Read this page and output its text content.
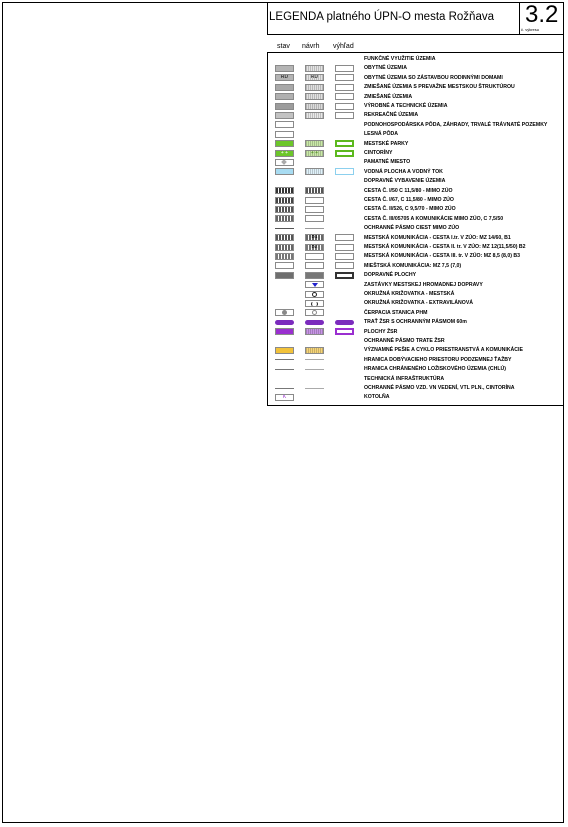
LEGENDA platného ÚPN-O mesta Rožňava 3.2
č. výkresu
stav návrh výhľad
FUNKČNÉ VYUŽITIE ÚZEMIA
OBYTNÉ ÚZEMIA
RD	RD	OBYTNÉ ÚZEMIA SO ZÁSTAVBOU RODINNÝMI DOMAMI
ZMIEŠANÉ ÚZEMIA S PREVAŽNE MESTSKOU ŠTRUKTÚROU
ZMIEŠANÉ ÚZEMIA
VÝROBNÉ A TECHNICKÉ ÚZEMIA
REKREAČNÉ ÚZEMIA
PODNOHOSPODÁRSKA PÔDA, ZÁHRADY, TRVALÉ TRÁVNATÉ POZEMKY
LESNÁ PÔDA
MESTSKÉ PARKY
+ +	+ +	CINTORÍNY
PAMATNÉ MIESTO
VODNÁ PLOCHA A VODNÝ TOK
DOPRAVNÉ VYBAVENIE ÚZEMIA
CESTA Č. I/50 C 11,5/80 - MIMO ZÚO
CESTA Č. I/67, C 11,5/80 - MIMO ZÚO
CESTA Č. II/526, C 9,5/70 - MIMO ZÚO
CESTA Č. III/05705 A KOMUNIKÁCIE MIMO ZÚO, C 7,5/50
OCHRANNÉ PÁSMO CIEST MIMO ZÚO
B1	MESTSKÁ KOMUNIKÁCIA - CESTA I.tr. V ZÚO: MZ 14/60, B1
B2	MESTSKÁ KOMUNIKÁCIA - CESTA II. tr. V ZÚO: MZ 12(11,5/50) B2
MESTSKÁ KOMUNIKÁCIA - CESTA III. tr. V ZÚO: MZ 8,5 (8,0) B3
MIEŠTSKÁ KOMUNIKÁCIA: MZ 7,5 (7,0)
DOPRAVNÉ PLOCHY
ZASTÁVKY MESTSKEJ HROMADNEJ DOPRAVY
OKRUŽNÁ KRIŽOVATKA - MESTSKÁ
OKRUŽNÁ KRIŽOVATKA - EXTRAVILÁNOVÁ
ČERPACIA STANICA PHM
TRAŤ ŽSR S OCHRANNÝM PÁSMOM 60m
PLOCHY ŽSR
OCHRANNÉ PÁSMO TRATE ŽSR
VÝZNAMNÉ PEŠIE A CYKLO PRIESTRANSTVÁ A KOMUNIKÁCIE
HRANICA DOBÝVACIEHO PRIESTORU PODZEMNEJ ŤAŽBY
HRANICA CHRÁNENÉHO LOŽISKOVÉHO ÚZEMIA (CHLÚ)
TECHNICKÁ INFRAŠTRUKTÚRA
OCHRANNÉ PÁSMO VZD. VN VEDENÍ, VTL PLN., CINTORÍNA
K	KOTOLŇA
